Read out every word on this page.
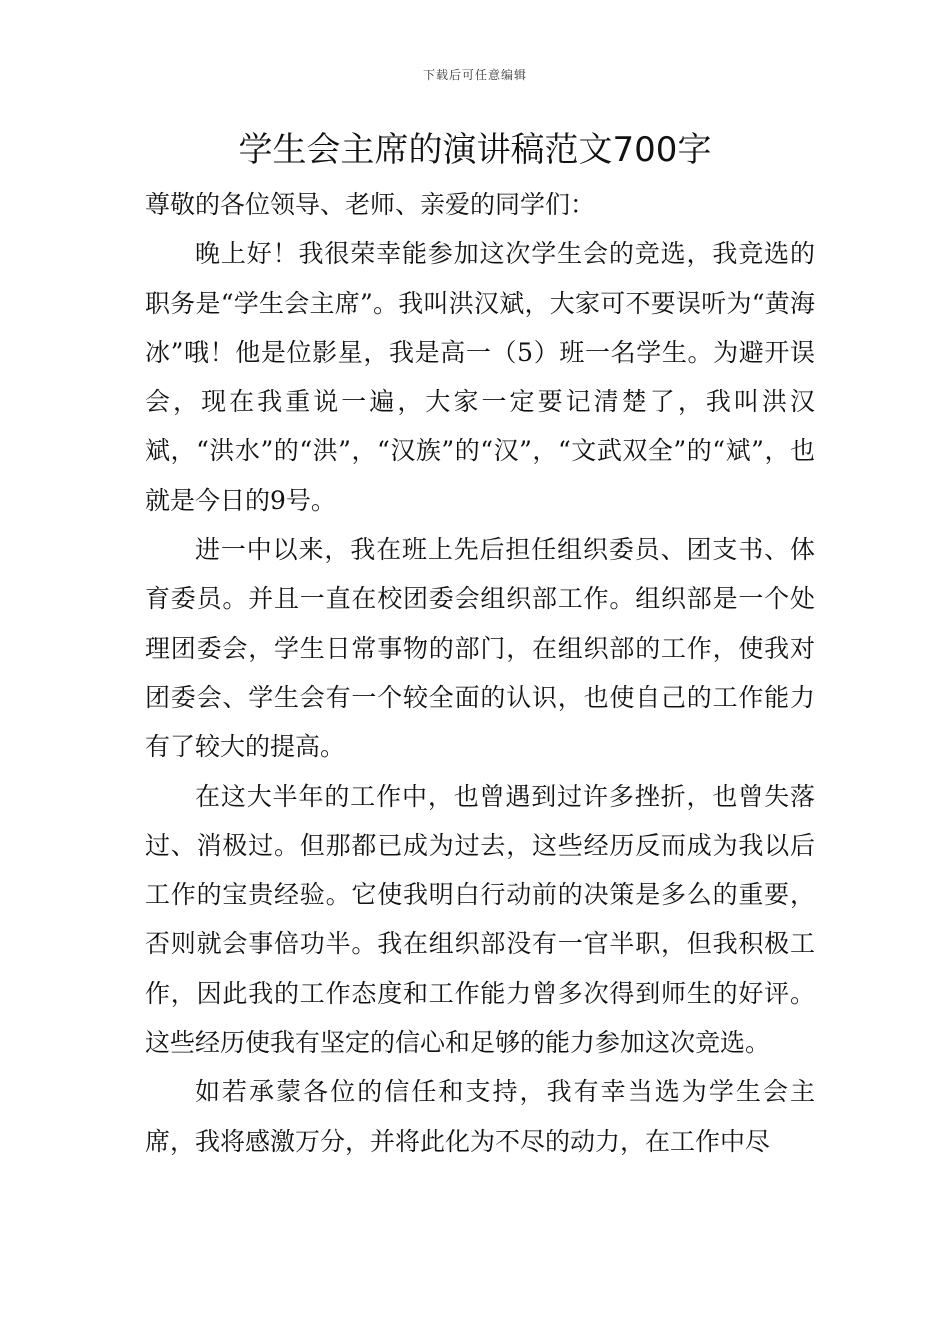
下载后可任意编辑
学生会主席的演讲稿范文700字

尊敬的各位领导、老师、亲爱的同学们：

晚上好！我很荣幸能参加这次学生会的竞选，我竞选的职务是“学生会主席”。我叫洪汉斌，大家可不要误听为“黄海冰”哦！他是位影星，我是高一（5）班一名学生。为避开误会，现在我重说一遍，大家一定要记清楚了，我叫洪汉斌，“洪水”的“洪”，“汉族”的“汉”，“文武双全”的“斌”，也就是今日的9号。

进一中以来，我在班上先后担任组织委员、团支书、体育委员。并且一直在校团委会组织部工作。组织部是一个处理团委会，学生日常事物的部门，在组织部的工作，使我对团委会、学生会有一个较全面的认识，也使自己的工作能力有了较大的提高。

在这大半年的工作中，也曾遇到过许多挫折，也曾失落过、消极过。但那都已成为过去，这些经历反而成为我以后工作的宝贵经验。它使我明白行动前的决策是多么的重要，否则就会事倍功半。我在组织部没有一官半职，但我积极工作，因此我的工作态度和工作能力曾多次得到师生的好评。这些经历使我有坚定的信心和足够的能力参加这次竞选。

如若承蒙各位的信任和支持，我有幸当选为学生会主席，我将感激万分，并将此化为不尽的动力，在工作中尽
